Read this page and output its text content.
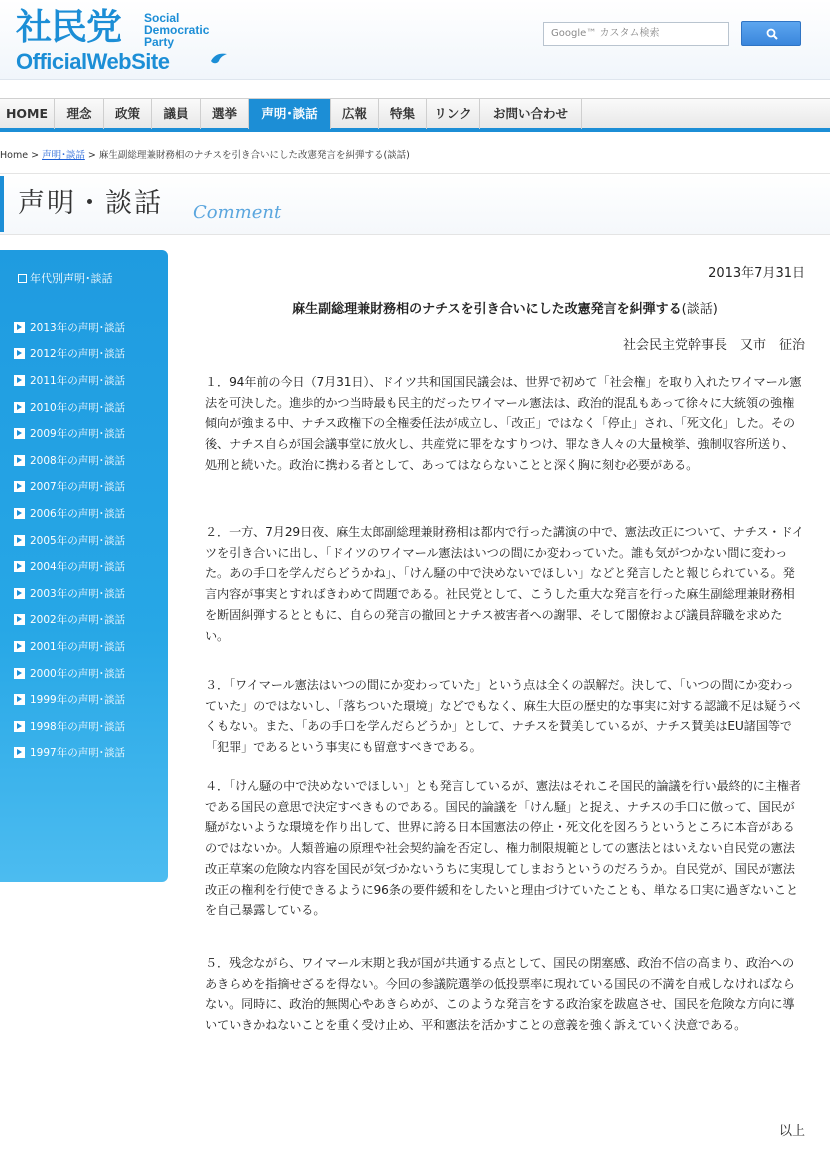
社民党 Social
Democratic
Party
OfficialWebSite
Google™ カスタム検索
HOME	理念	政策	議員	選挙	声明･談話	広報	特集	リンク	お問い合わせ
Home > 声明･談話 > 麻生副総理兼財務相のナチスを引き合いにした改憲発言を糾弾する(談話)
声明・談話 Comment
年代別声明･談話
2013年の声明･談話
2012年の声明･談話
2011年の声明･談話
2010年の声明･談話
2009年の声明･談話
2008年の声明･談話
2007年の声明･談話
2006年の声明･談話
2005年の声明･談話
2004年の声明･談話
2003年の声明･談話
2002年の声明･談話
2001年の声明･談話
2000年の声明･談話
1999年の声明･談話
1998年の声明･談話
1997年の声明･談話
2013年7月31日
麻生副総理兼財務相のナチスを引き合いにした改憲発言を糾弾する(談話)
社会民主党幹事長　又市　征治

１．94年前の今日（7月31日）、ドイツ共和国国民議会は、世界で初めて「社会権」を取り入れたワイマール憲法を可決した。進歩的かつ当時最も民主的だったワイマール憲法は、政治的混乱もあって徐々に大統領の強権傾向が強まる中、ナチス政権下の全権委任法が成立し、「改正」ではなく「停止」され、「死文化」した。その後、ナチス自らが国会議事堂に放火し、共産党に罪をなすりつけ、罪なき人々の大量検挙、強制収容所送り、処刑と続いた。政治に携わる者として、あってはならないことと深く胸に刻む必要がある。

２．一方、7月29日夜、麻生太郎副総理兼財務相は都内で行った講演の中で、憲法改正について、ナチス・ドイツを引き合いに出し、「ドイツのワイマール憲法はいつの間にか変わっていた。誰も気がつかない間に変わった。あの手口を学んだらどうかね」、「けん騒の中で決めないでほしい」などと発言したと報じられている。発言内容が事実とすればきわめて問題である。社民党として、こうした重大な発言を行った麻生副総理兼財務相を断固糾弾するとともに、自らの発言の撤回とナチス被害者への謝罪、そして閣僚および議員辞職を求めたい。

３．「ワイマール憲法はいつの間にか変わっていた」という点は全くの誤解だ。決して、「いつの間にか変わっていた」のではないし、「落ちついた環境」などでもなく、麻生大臣の歴史的な事実に対する認識不足は疑うべくもない。また、「あの手口を学んだらどうか」として、ナチスを賛美しているが、ナチス賛美はEU諸国等で「犯罪」であるという事実にも留意すべきである。

４．「けん騒の中で決めないでほしい」とも発言しているが、憲法はそれこそ国民的論議を行い最終的に主権者である国民の意思で決定すべきものである。国民的論議を「けん騒」と捉え、ナチスの手口に倣って、国民が騒がないような環境を作り出して、世界に誇る日本国憲法の停止・死文化を図ろうというところに本音があるのではないか。人類普遍の原理や社会契約論を否定し、権力制限規範としての憲法とはいえない自民党の憲法改正草案の危険な内容を国民が気づかないうちに実現してしまおうというのだろうか。自民党が、国民が憲法改正の権利を行使できるように96条の要件緩和をしたいと理由づけていたことも、単なる口実に過ぎないことを自己暴露している。

５．残念ながら、ワイマール末期と我が国が共通する点として、国民の閉塞感、政治不信の高まり、政治へのあきらめを指摘せざるを得ない。今回の参議院選挙の低投票率に現れている国民の不満を自戒しなければならない。同時に、政治的無関心やあきらめが、このような発言をする政治家を跋扈させ、国民を危険な方向に導いていきかねないことを重く受け止め、平和憲法を活かすことの意義を強く訴えていく決意である。

以上
